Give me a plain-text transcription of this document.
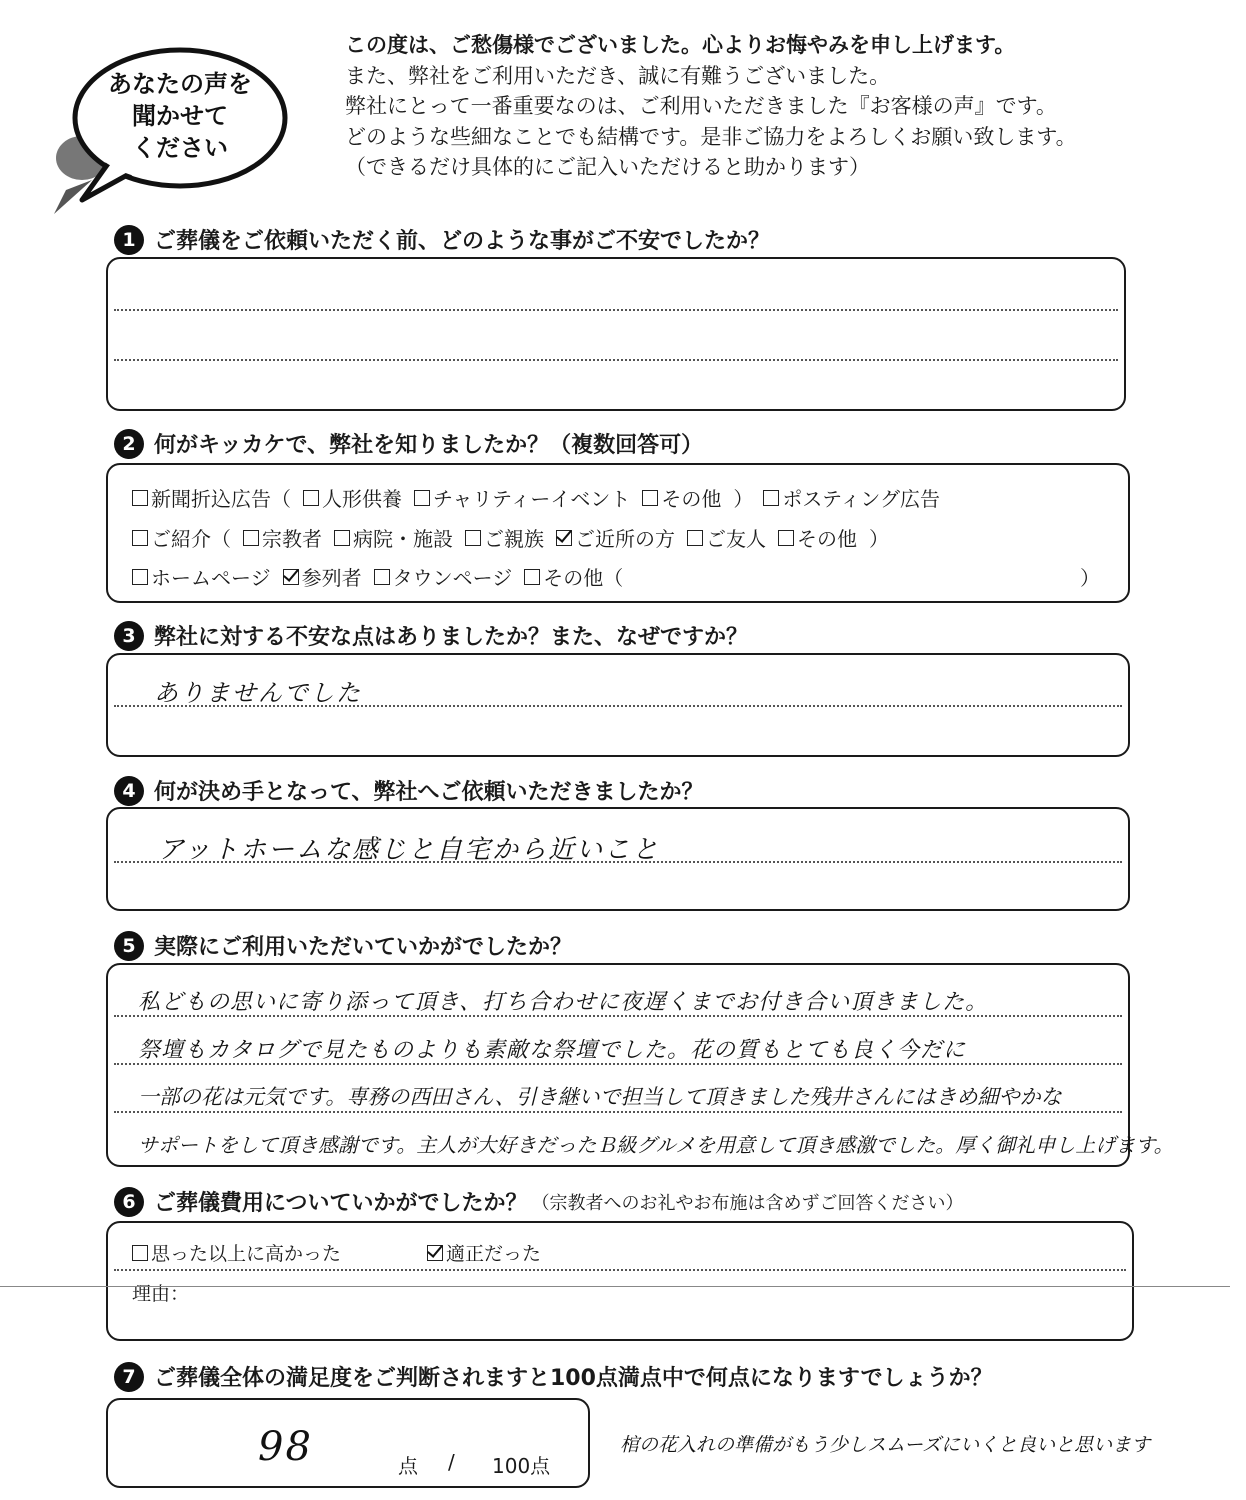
あなたの声を
聞かせて
ください
この度は、ご愁傷様でございました。心よりお悔やみを申し上げます。
また、弊社をご利用いただき、誠に有難うございました。
弊社にとって一番重要なのは、ご利用いただきました『お客様の声』です。
どのような些細なことでも結構です。是非ご協力をよろしくお願い致します。
（できるだけ具体的にご記入いただけると助かります）
1 ご葬儀をご依頼いただく前、どのような事がご不安でしたか？
2 何がキッカケで、弊社を知りましたか？（複数回答可）
新聞折込広告（ 人形供養 チャリティーイベント その他 ） ポスティング広告
ご紹介（ 宗教者 病院・施設 ご親族 ご近所の方 ご友人 その他 ）
ホームページ 参列者 タウンページ その他（	）
3 弊社に対する不安な点はありましたか？また、なぜですか？
ありませんでした
4 何が決め手となって、弊社へご依頼いただきましたか？
アットホームな感じと自宅から近いこと
5 実際にご利用いただいていかがでしたか？
私どもの思いに寄り添って頂き、打ち合わせに夜遅くまでお付き合い頂きました。
祭壇もカタログで見たものよりも素敵な祭壇でした。花の質もとても良く今だに
一部の花は元気です。専務の西田さん、引き継いで担当して頂きました残井さんにはきめ細やかな
サポートをして頂き感謝です。主人が大好きだったＢ級グルメを用意して頂き感激でした。厚く御礼申し上げます。
6 ご葬儀費用についていかがでしたか？ （宗教者へのお礼やお布施は含めずご回答ください）
思った以上に高かった	適正だった
理由：
7 ご葬儀全体の満足度をご判断されますと100点満点中で何点になりますでしょうか？
98	点 / 100点
棺の花入れの準備がもう少しスムーズにいくと良いと思います
